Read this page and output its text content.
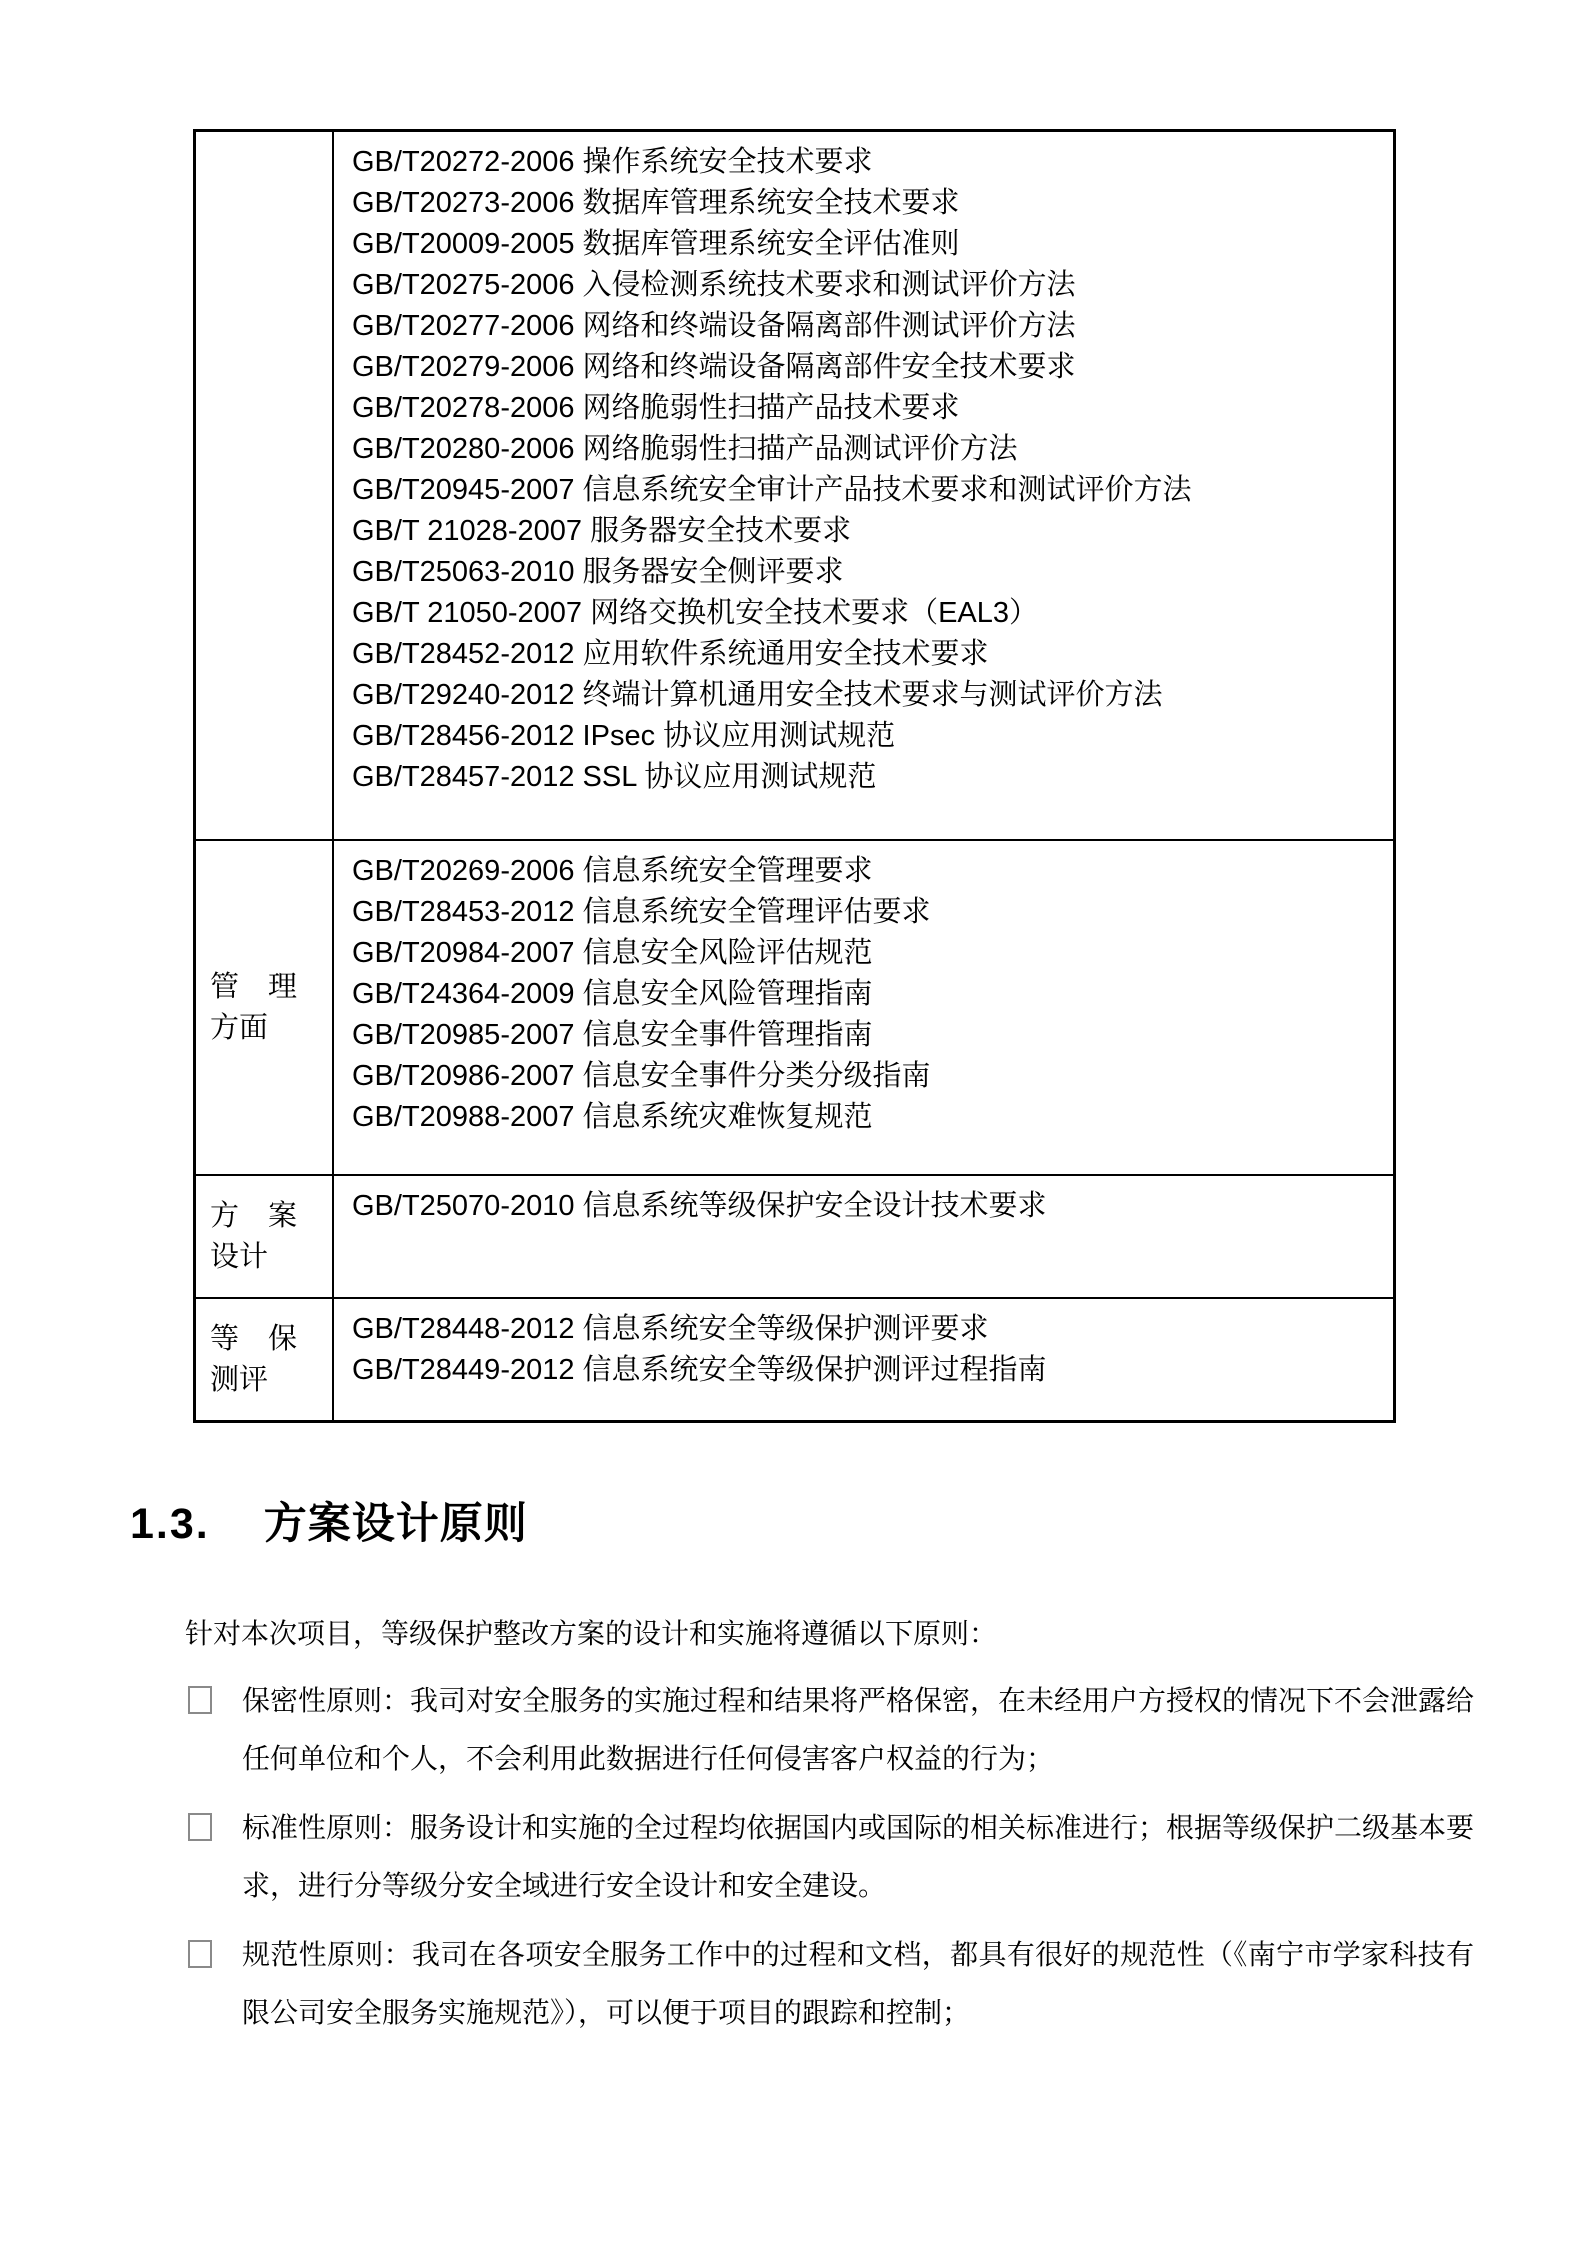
GB/T20272-2006 操作系统安全技术要求
GB/T20273-2006 数据库管理系统安全技术要求
GB/T20009-2005 数据库管理系统安全评估准则
GB/T20275-2006 入侵检测系统技术要求和测试评价方法
GB/T20277-2006 网络和终端设备隔离部件测试评价方法
GB/T20279-2006 网络和终端设备隔离部件安全技术要求
GB/T20278-2006 网络脆弱性扫描产品技术要求
GB/T20280-2006 网络脆弱性扫描产品测试评价方法
GB/T20945-2007 信息系统安全审计产品技术要求和测试评价方法
GB/T 21028-2007 服务器安全技术要求
GB/T25063-2010 服务器安全侧评要求
GB/T 21050-2007 网络交换机安全技术要求（EAL3）
GB/T28452-2012 应用软件系统通用安全技术要求
GB/T29240-2012 终端计算机通用安全技术要求与测试评价方法
GB/T28456-2012 IPsec 协议应用测试规范
GB/T28457-2012 SSL 协议应用测试规范

管　理
方面

GB/T20269-2006 信息系统安全管理要求
GB/T28453-2012 信息系统安全管理评估要求
GB/T20984-2007 信息安全风险评估规范
GB/T24364-2009 信息安全风险管理指南
GB/T20985-2007 信息安全事件管理指南
GB/T20986-2007 信息安全事件分类分级指南
GB/T20988-2007 信息系统灾难恢复规范

方　案
设计	GB/T25070-2010 信息系统等级保护安全设计技术要求

等　保
测评

GB/T28448-2012 信息系统安全等级保护测评要求
GB/T28449-2012 信息系统安全等级保护测评过程指南
1.3. 方案设计原则
针对本次项目，等级保护整改方案的设计和实施将遵循以下原则：
保密性原则：我司对安全服务的实施过程和结果将严格保密，在未经用户方授权的情况下不会泄露给任何单位和个人，不会利用此数据进行任何侵害客户权益的行为；
标准性原则：服务设计和实施的全过程均依据国内或国际的相关标准进行；根据等级保护二级基本要求，进行分等级分安全域进行安全设计和安全建设。
规范性原则：我司在各项安全服务工作中的过程和文档，都具有很好的规范性（《南宁市学家科技有限公司安全服务实施规范》），可以便于项目的跟踪和控制；
